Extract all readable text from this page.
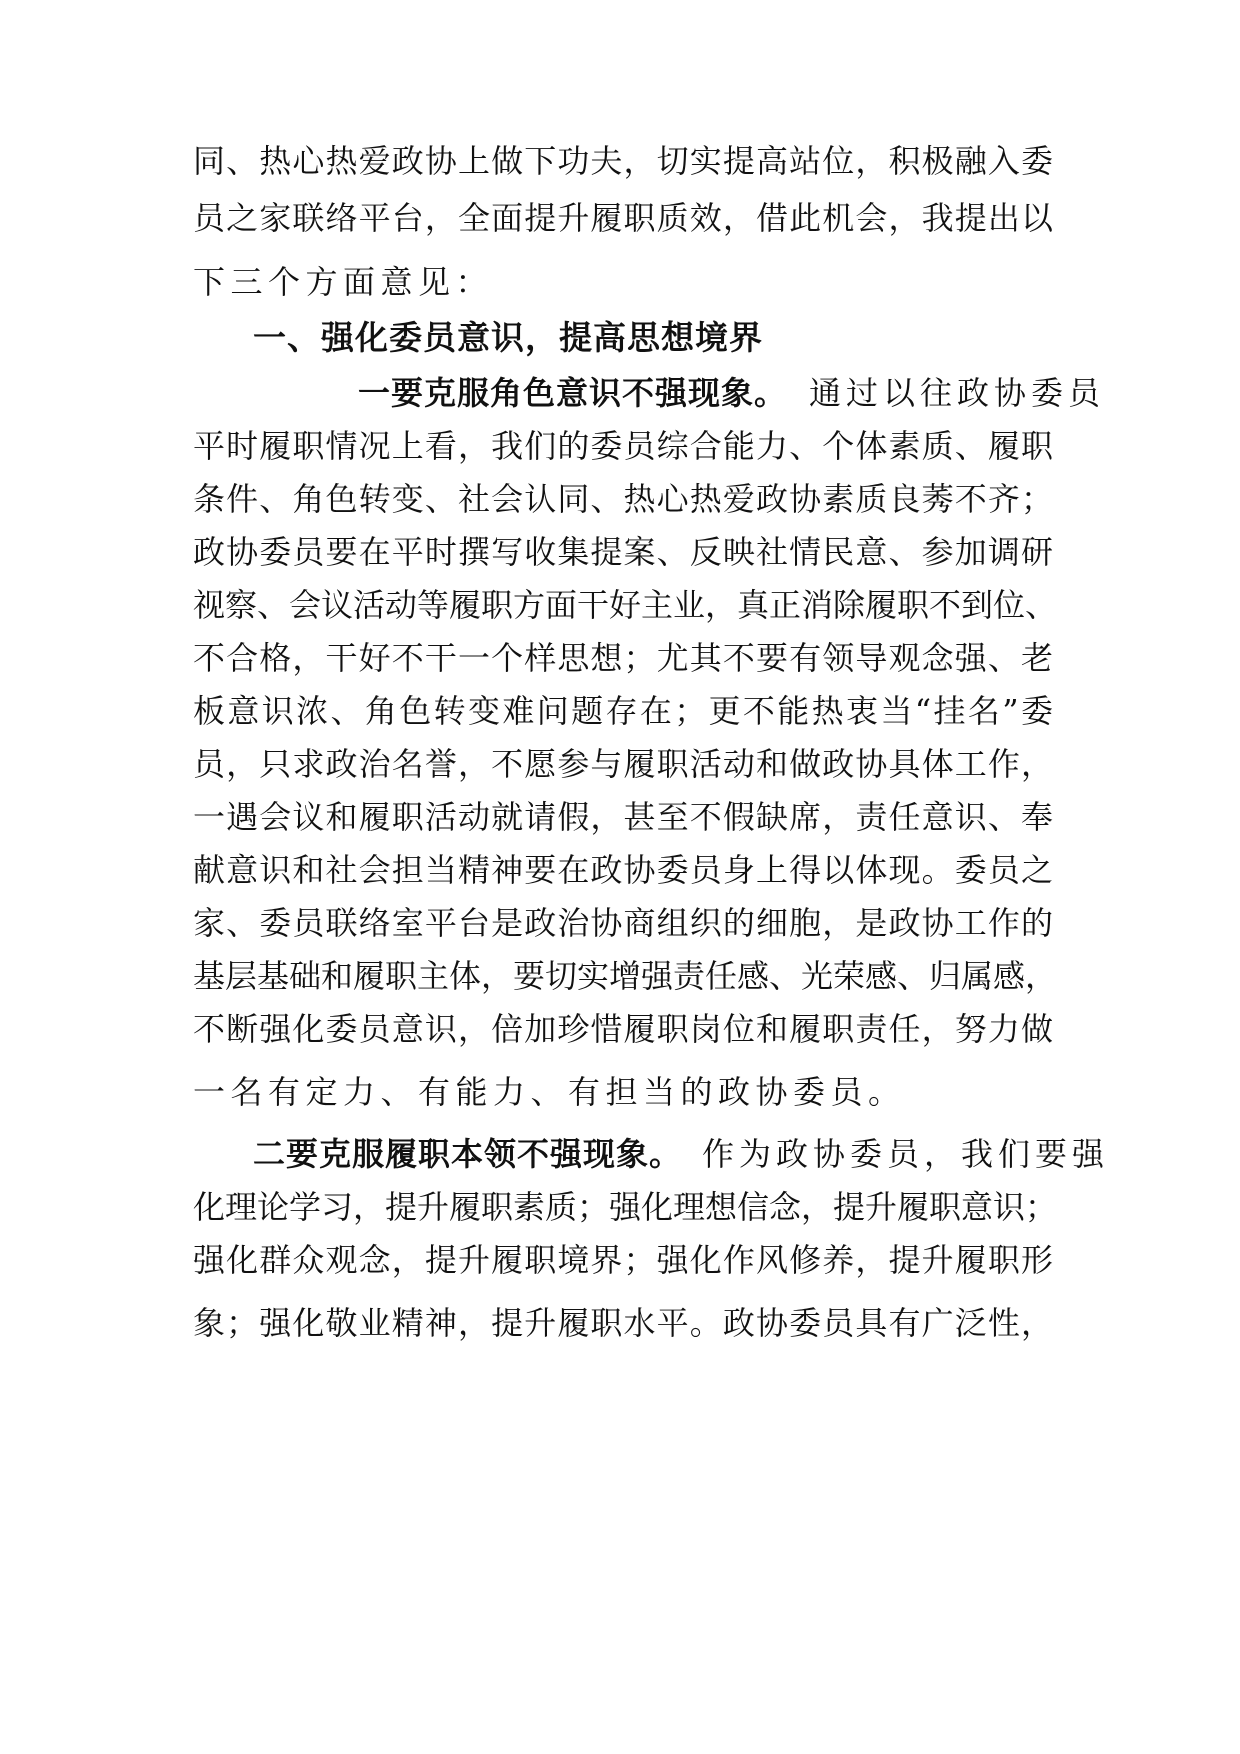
同、热心热爱政协上做下功夫，切实提高站位，积极融入委
员之家联络平台，全面提升履职质效，借此机会，我提出以
下三个方面意见：
一、强化委员意识，提高思想境界
一要克服角色意识不强现象。 通过以往政协委员
平时履职情况上看，我们的委员综合能力、个体素质、履职
条件、角色转变、社会认同、热心热爱政协素质良莠不齐；
政协委员要在平时撰写收集提案、反映社情民意、参加调研
视察、会议活动等履职方面干好主业，真正消除履职不到位、
不合格，干好不干一个样思想；尤其不要有领导观念强、老
板意识浓、角色转变难问题存在；更不能热衷当“挂名”委
员，只求政治名誉，不愿参与履职活动和做政协具体工作，
一遇会议和履职活动就请假，甚至不假缺席，责任意识、奉
献意识和社会担当精神要在政协委员身上得以体现。委员之
家、委员联络室平台是政治协商组织的细胞，是政协工作的
基层基础和履职主体，要切实增强责任感、光荣感、归属感，
不断强化委员意识，倍加珍惜履职岗位和履职责任，努力做
一名有定力、有能力、有担当的政协委员。
二要克服履职本领不强现象。 作为政协委员，我们要强
化理论学习，提升履职素质；强化理想信念，提升履职意识；
强化群众观念，提升履职境界；强化作风修养，提升履职形
象；强化敬业精神，提升履职水平。政协委员具有广泛性，
